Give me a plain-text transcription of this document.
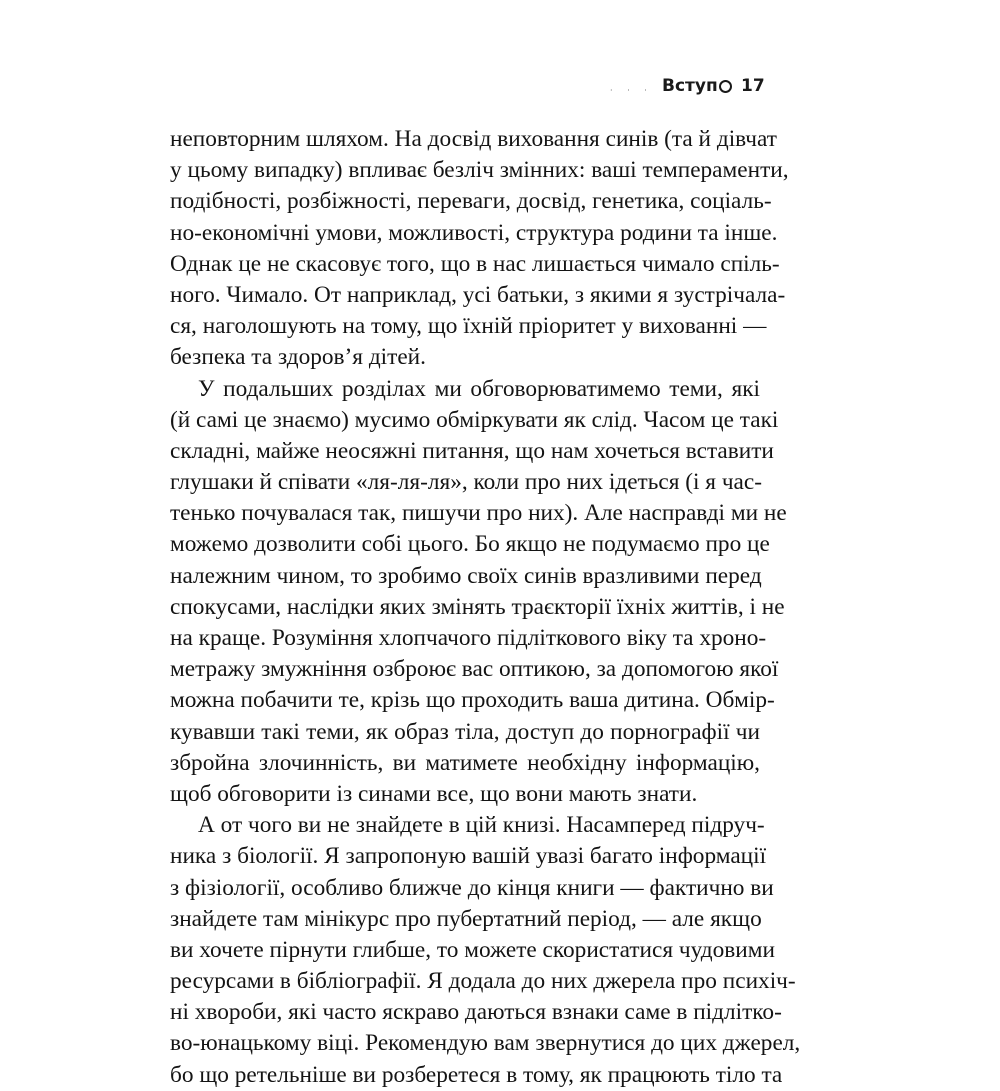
· · · Вступ 17
неповторним шляхом. На досвід виховання синів (та й дівчат
у цьому випадку) впливає безліч змінних: ваші темпераменти,
подібності, розбіжності, переваги, досвід, генетика, соціаль-
но-економічні умови, можливості, структура родини та інше.
Однак це не скасовує того, що в нас лишається чимало спіль-
ного. Чимало. От наприклад, усі батьки, з якими я зустрічала-
ся, наголошують на тому, що їхній пріоритет у вихованні —
безпека та здоров’я дітей.
У подальших розділах ми обговорюватимемо теми, які
(й самі це знаємо) мусимо обміркувати як слід. Часом це такі
складні, майже неосяжні питання, що нам хочеться вставити
глушаки й співати «ля-ля-ля», коли про них ідеться (і я час-
тенько почувалася так, пишучи про них). Але насправді ми не
можемо дозволити собі цього. Бо якщо не подумаємо про це
належним чином, то зробимо своїх синів вразливими перед
спокусами, наслідки яких змінять траєкторії їхніх життів, і не
на краще. Розуміння хлопчачого підліткового віку та хроно-
метражу змужніння озброює вас оптикою, за допомогою якої
можна побачити те, крізь що проходить ваша дитина. Обмір-
кувавши такі теми, як образ тіла, доступ до порнографії чи
збройна злочинність, ви матимете необхідну інформацію,
щоб обговорити із синами все, що вони мають знати.
А от чого ви не знайдете в цій книзі. Насамперед підруч-
ника з біології. Я запропоную вашій увазі багато інформації
з фізіології, особливо ближче до кінця книги — фактично ви
знайдете там мінікурс про пубертатний період, — але якщо
ви хочете пірнути глибше, то можете скористатися чудовими
ресурсами в бібліографії. Я додала до них джерела про психіч-
ні хвороби, які часто яскраво даються взнаки саме в підлітко-
во-юнацькому віці. Рекомендую вам звернутися до цих джерел,
бо що ретельніше ви розберетеся в тому, як працюють тіло та
